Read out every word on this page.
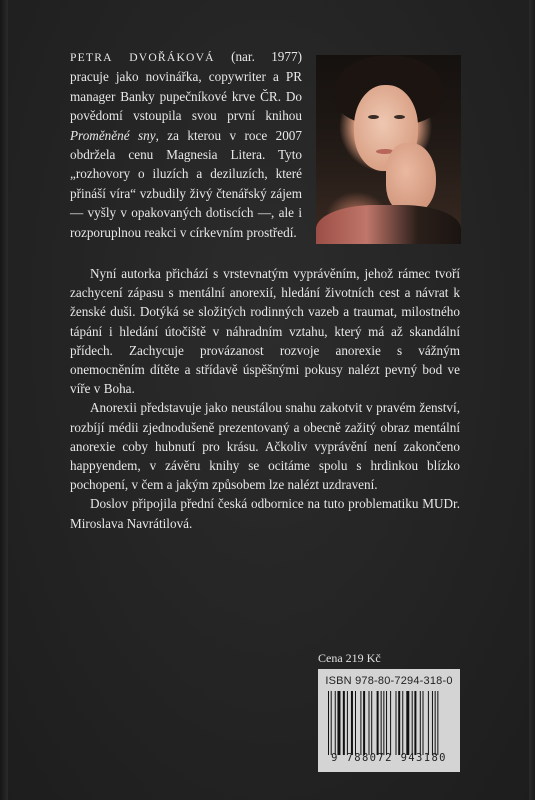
PETRA DVOŘÁKOVÁ (nar. 1977) pracuje jako novinářka, copywriter a PR manager Banky pupečníkové krve ČR. Do povědomí vstoupila svou první knihou Proměněné sny, za kterou v roce 2007 obdržela cenu Magnesia Litera. Tyto „rozhovory o iluzích a deziluzích, které přináší víra“ vzbudily živý čtenářský zájem — vyšly v opakovaných dotiscích —, ale i rozporuplnou reakci v církevním prostředí.

Nyní autorka přichází s vrstevnatým vyprávěním, jehož rámec tvoří zachycení zápasu s mentální anorexií, hledání životních cest a návrat k ženské duši. Dotýká se složitých rodinných vazeb a traumat, milostného tápání i hledání útočiště v náhradním vztahu, který má až skandální přídech. Zachycuje provázanost rozvoje anorexie s vážným onemocněním dítěte a střídavě úspěšnými pokusy nalézt pevný bod ve víře v Boha.

Anorexii představuje jako neustálou snahu zakotvit v pravém ženství, rozbíjí médii zjednodušeně prezentovaný a obecně zažitý obraz mentální anorexie coby hubnutí pro krásu. Ačkoliv vyprávění není zakončeno happyendem, v závěru knihy se ocitáme spolu s hrdinkou blízko pochopení, v čem a jakým způsobem lze nalézt uzdravení.

Doslov připojila přední česká odbornice na tuto problematiku MUDr. Miroslava Navrátilová.

Cena 219 Kč
ISBN 978-80-7294-318-0
9 788072 943180
